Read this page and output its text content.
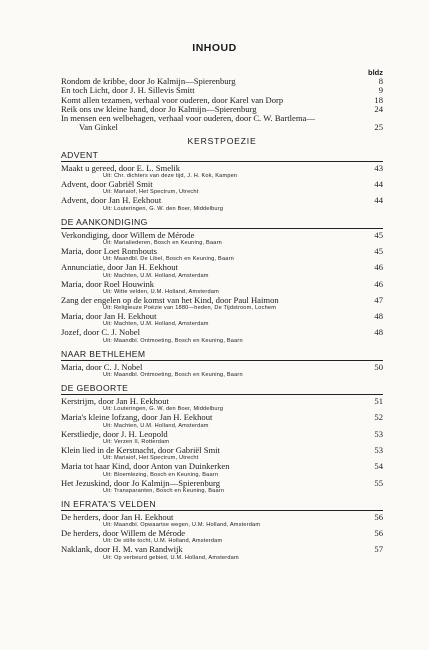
INHOUD
bldz
Rondom de kribbe, door Jo Kalmijn—Spierenburg	8
En toch Licht, door J. H. Sillevis Smitt	9
Komt allen tezamen, verhaal voor ouderen, door Karel van Dorp	18
Reik ons uw kleine hand, door Jo Kalmijn—Spierenburg	24
In mensen een welbehagen, verhaal voor ouderen, door C. W. Bartlema—
Van Ginkel	25
KERSTPOEZIE
ADVENT
Maakt u gereed, door E. L. Smelik	43
Uit: Chr. dichters van deze tijd, J. H. Kok, Kampen
Advent, door Gabriël Smit	44
Uit: Mariaiof, Het Spectrum, Utrecht
Advent, door Jan H. Eekhout	44
Uit: Louteringen, G. W. den Boer, Middelburg
DE AANKONDIGING
Verkondiging, door Willem de Mérode	45
Uit: Marialiederen, Bosch en Keuning, Baarn
Maria, door Loet Rombouts	45
Uit: Maandbl. De Libel, Bosch en Keuning, Baarn
Annunciatie, door Jan H. Eekhout	46
Uit: Machten, U.M. Holland, Amsterdam
Maria, door Roel Houwink	46
Uit: Witte velden, U.M. Holland, Amsterdam
Zang der engelen op de komst van het Kind, door Paul Haimon	47
Uit: Religieuze Poëzie van 1880—heden, De Tijdstroom, Lochem
Maria, door Jan H. Eekhout	48
Uit: Machten, U.M. Holland, Amsterdam
Jozef, door C. J. Nobel	48
Uit: Maandbl. Ontmoeting, Bosch en Keuning, Baarn
NAAR BETHLEHEM
Maria, door C. J. Nobel	50
Uit: Maandbl. Ontmoeting, Bosch en Keuning, Baarn
DE GEBOORTE
Kerstrijm, door Jan H. Eekhout	51
Uit: Louteringen, G. W. den Boer, Middelburg
Maria's kleine lofzang, door Jan H. Eekhout	52
Uit: Machten, U.M. Holland, Amsterdam
Kerstliedje, door J. H. Leopold	53
Uit: Verzen II, Rotterdam
Klein lied in de Kerstnacht, door Gabriël Smit	53
Uit: Mariaiof, Het Spectrum, Utrecht
Maria tot haar Kind, door Anton van Duinkerken	54
Uit: Bloemlezing, Bosch en Keuning, Baarn
Het Jezuskind, door Jo Kalmijn—Spierenburg	55
Uit: Transparanten, Bosch en Keuning, Baarn
IN EFRATA'S VELDEN
De herders, door Jan H. Eekhout	56
Uit: Maandbl. Opwaartse wegen, U.M. Holland, Amsterdam
De herders, door Willem de Mérode	56
Uit: De stille tocht, U.M. Holland, Amsterdam
Naklank, door H. M. van Randwijk	57
Uit: Op verbeurd gebied, U.M. Holland, Amsterdam
